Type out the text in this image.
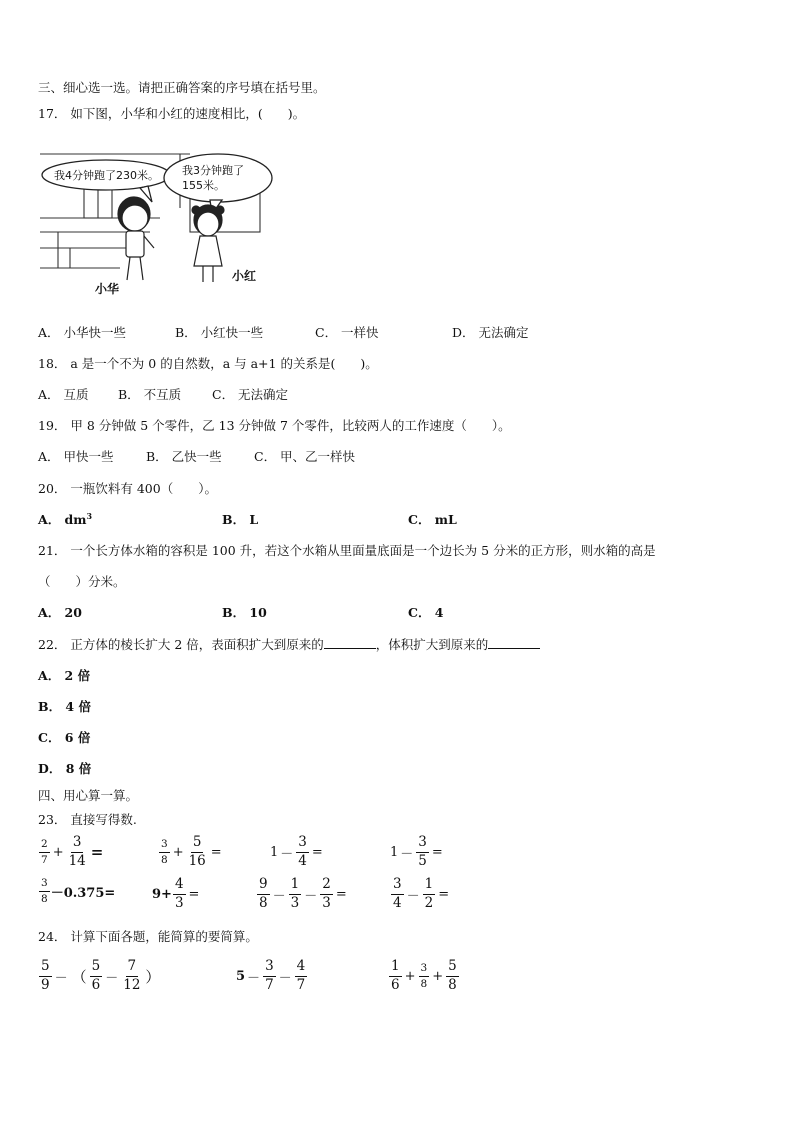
三、细心选一选。请把正确答案的序号填在括号里。
17． 如下图，小华和小红的速度相比，(　　)。
我4分钟跑了230米。 我3分钟跑了
155米。
小华
小红
A． 小华快一些	B． 小红快一些	C． 一样快	D． 无法确定
18． a 是一个不为 0 的自然数，a 与 a+1 的关系是(　　)。
A． 互质 B． 不互质 C． 无法确定
19． 甲 8 分钟做 5 个零件，乙 13 分钟做 7 个零件，比较两人的工作速度（　　）。
A． 甲快一些	B． 乙快一些	C． 甲、乙一样快
20． 一瓶饮料有 400（　　）。
A． $dm^3$	B． L	C． mL
21． 一个长方体水箱的容积是 100 升，若这个水箱从里面量底面是一个边长为 5 分米的正方形，则水箱的高是
（　　）分米。
A． 20	B． 10	C． 4
22． 正方体的棱长扩大 2 倍，表面积扩大到原来的	，体积扩大到原来的
A． 2 倍
B． 4 倍
C． 6 倍
D． 8 倍
四、用心算一算。
23． 直接写得数.
$\frac{2}{7} + \frac{3}{14}$ =	$\frac{3}{8} + \frac{5}{16}$ =	$1 - \frac{3}{4}$ =	$1 - \frac{3}{5}$ =
$\frac{3}{8} -0.375=$	$9+ \frac{4}{3}$ =	$\frac{9}{8} - \frac{1}{3} - \frac{2}{3}$ =	$\frac{3}{4} - \frac{1}{2}$ =
24． 计算下面各题，能简算的要简算。
$\frac{5}{9}$ － （ $\frac{5}{6} - \frac{7}{12}$ ）	$5 - \frac{3}{7} - \frac{4}{7}$	$\frac{1}{6} + \frac{3}{8} + \frac{5}{8}$
